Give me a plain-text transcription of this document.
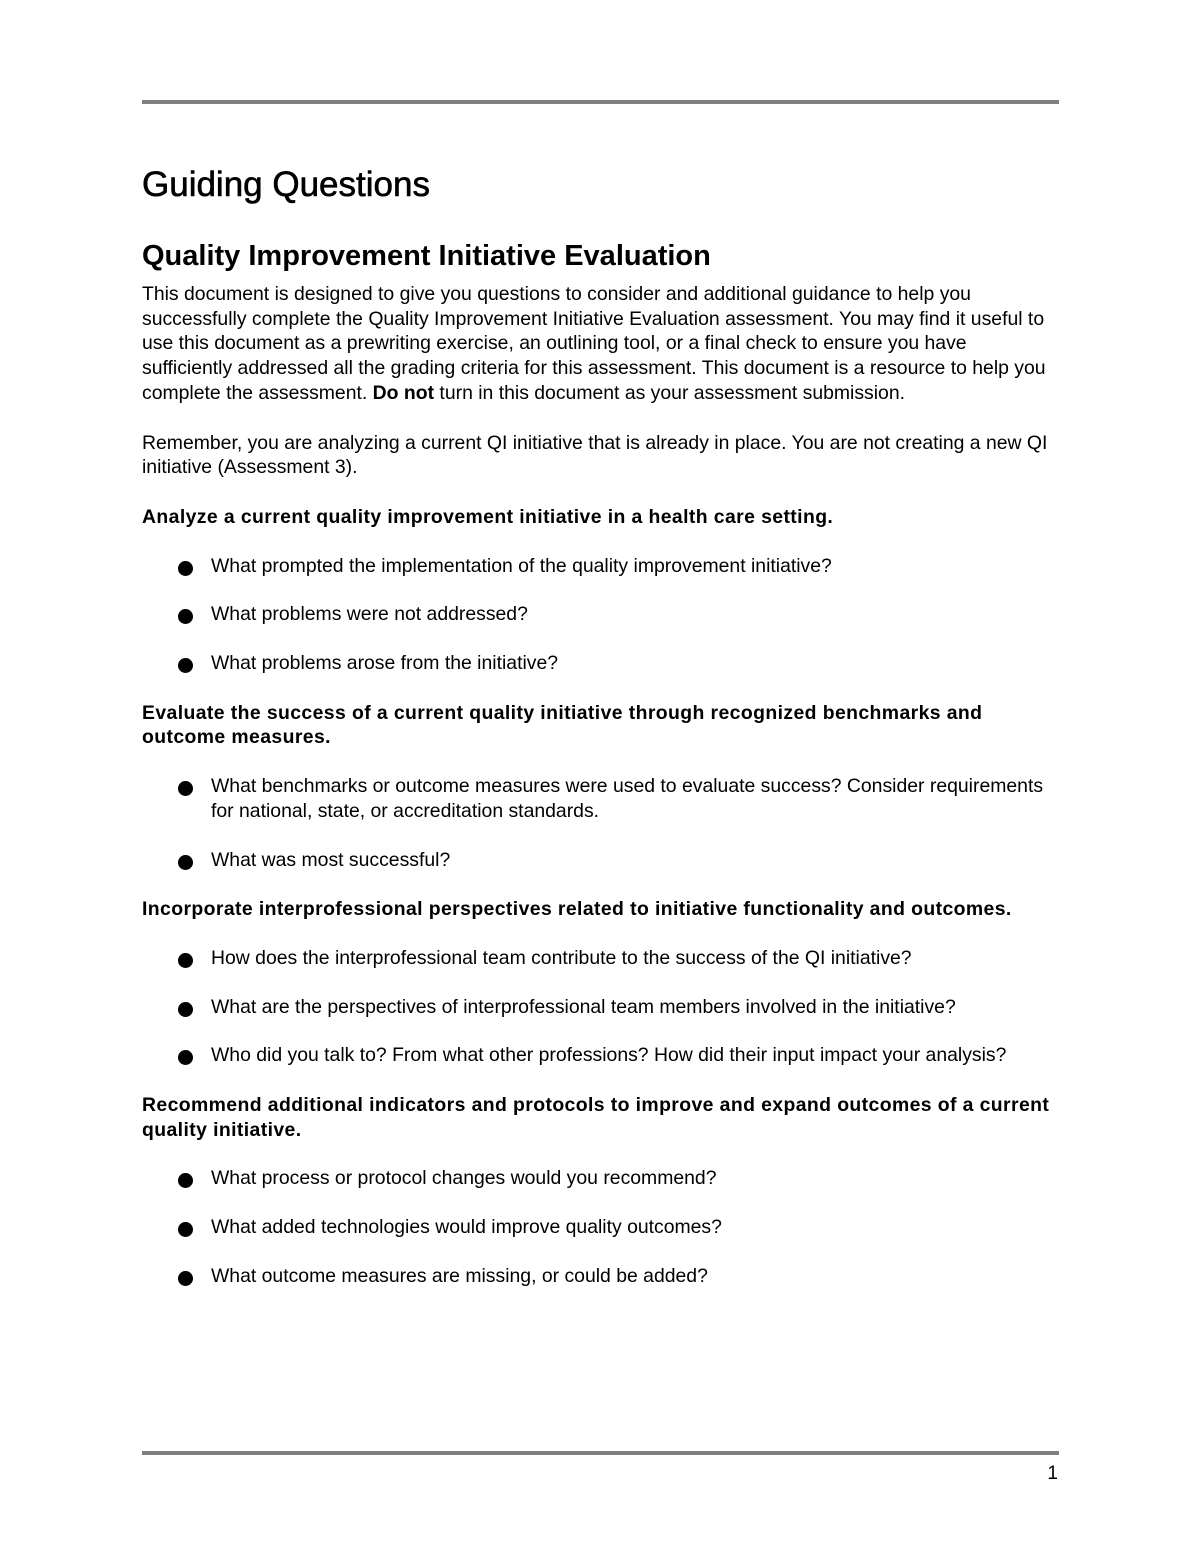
Guiding Questions
Quality Improvement Initiative Evaluation

This document is designed to give you questions to consider and additional guidance to help you successfully complete the Quality Improvement Initiative Evaluation assessment. You may find it useful to use this document as a prewriting exercise, an outlining tool, or a final check to ensure you have sufficiently addressed all the grading criteria for this assessment. This document is a resource to help you complete the assessment. Do not turn in this document as your assessment submission.

Remember, you are analyzing a current QI initiative that is already in place. You are not creating a new QI initiative (Assessment 3).

Analyze a current quality improvement initiative in a health care setting.

What prompted the implementation of the quality improvement initiative?
What problems were not addressed?
What problems arose from the initiative?

Evaluate the success of a current quality initiative through recognized benchmarks and outcome measures.

What benchmarks or outcome measures were used to evaluate success? Consider requirements for national, state, or accreditation standards.
What was most successful?

Incorporate interprofessional perspectives related to initiative functionality and outcomes.

How does the interprofessional team contribute to the success of the QI initiative?
What are the perspectives of interprofessional team members involved in the initiative?
Who did you talk to? From what other professions? How did their input impact your analysis?

Recommend additional indicators and protocols to improve and expand outcomes of a current quality initiative.

What process or protocol changes would you recommend?
What added technologies would improve quality outcomes?
What outcome measures are missing, or could be added?
1
